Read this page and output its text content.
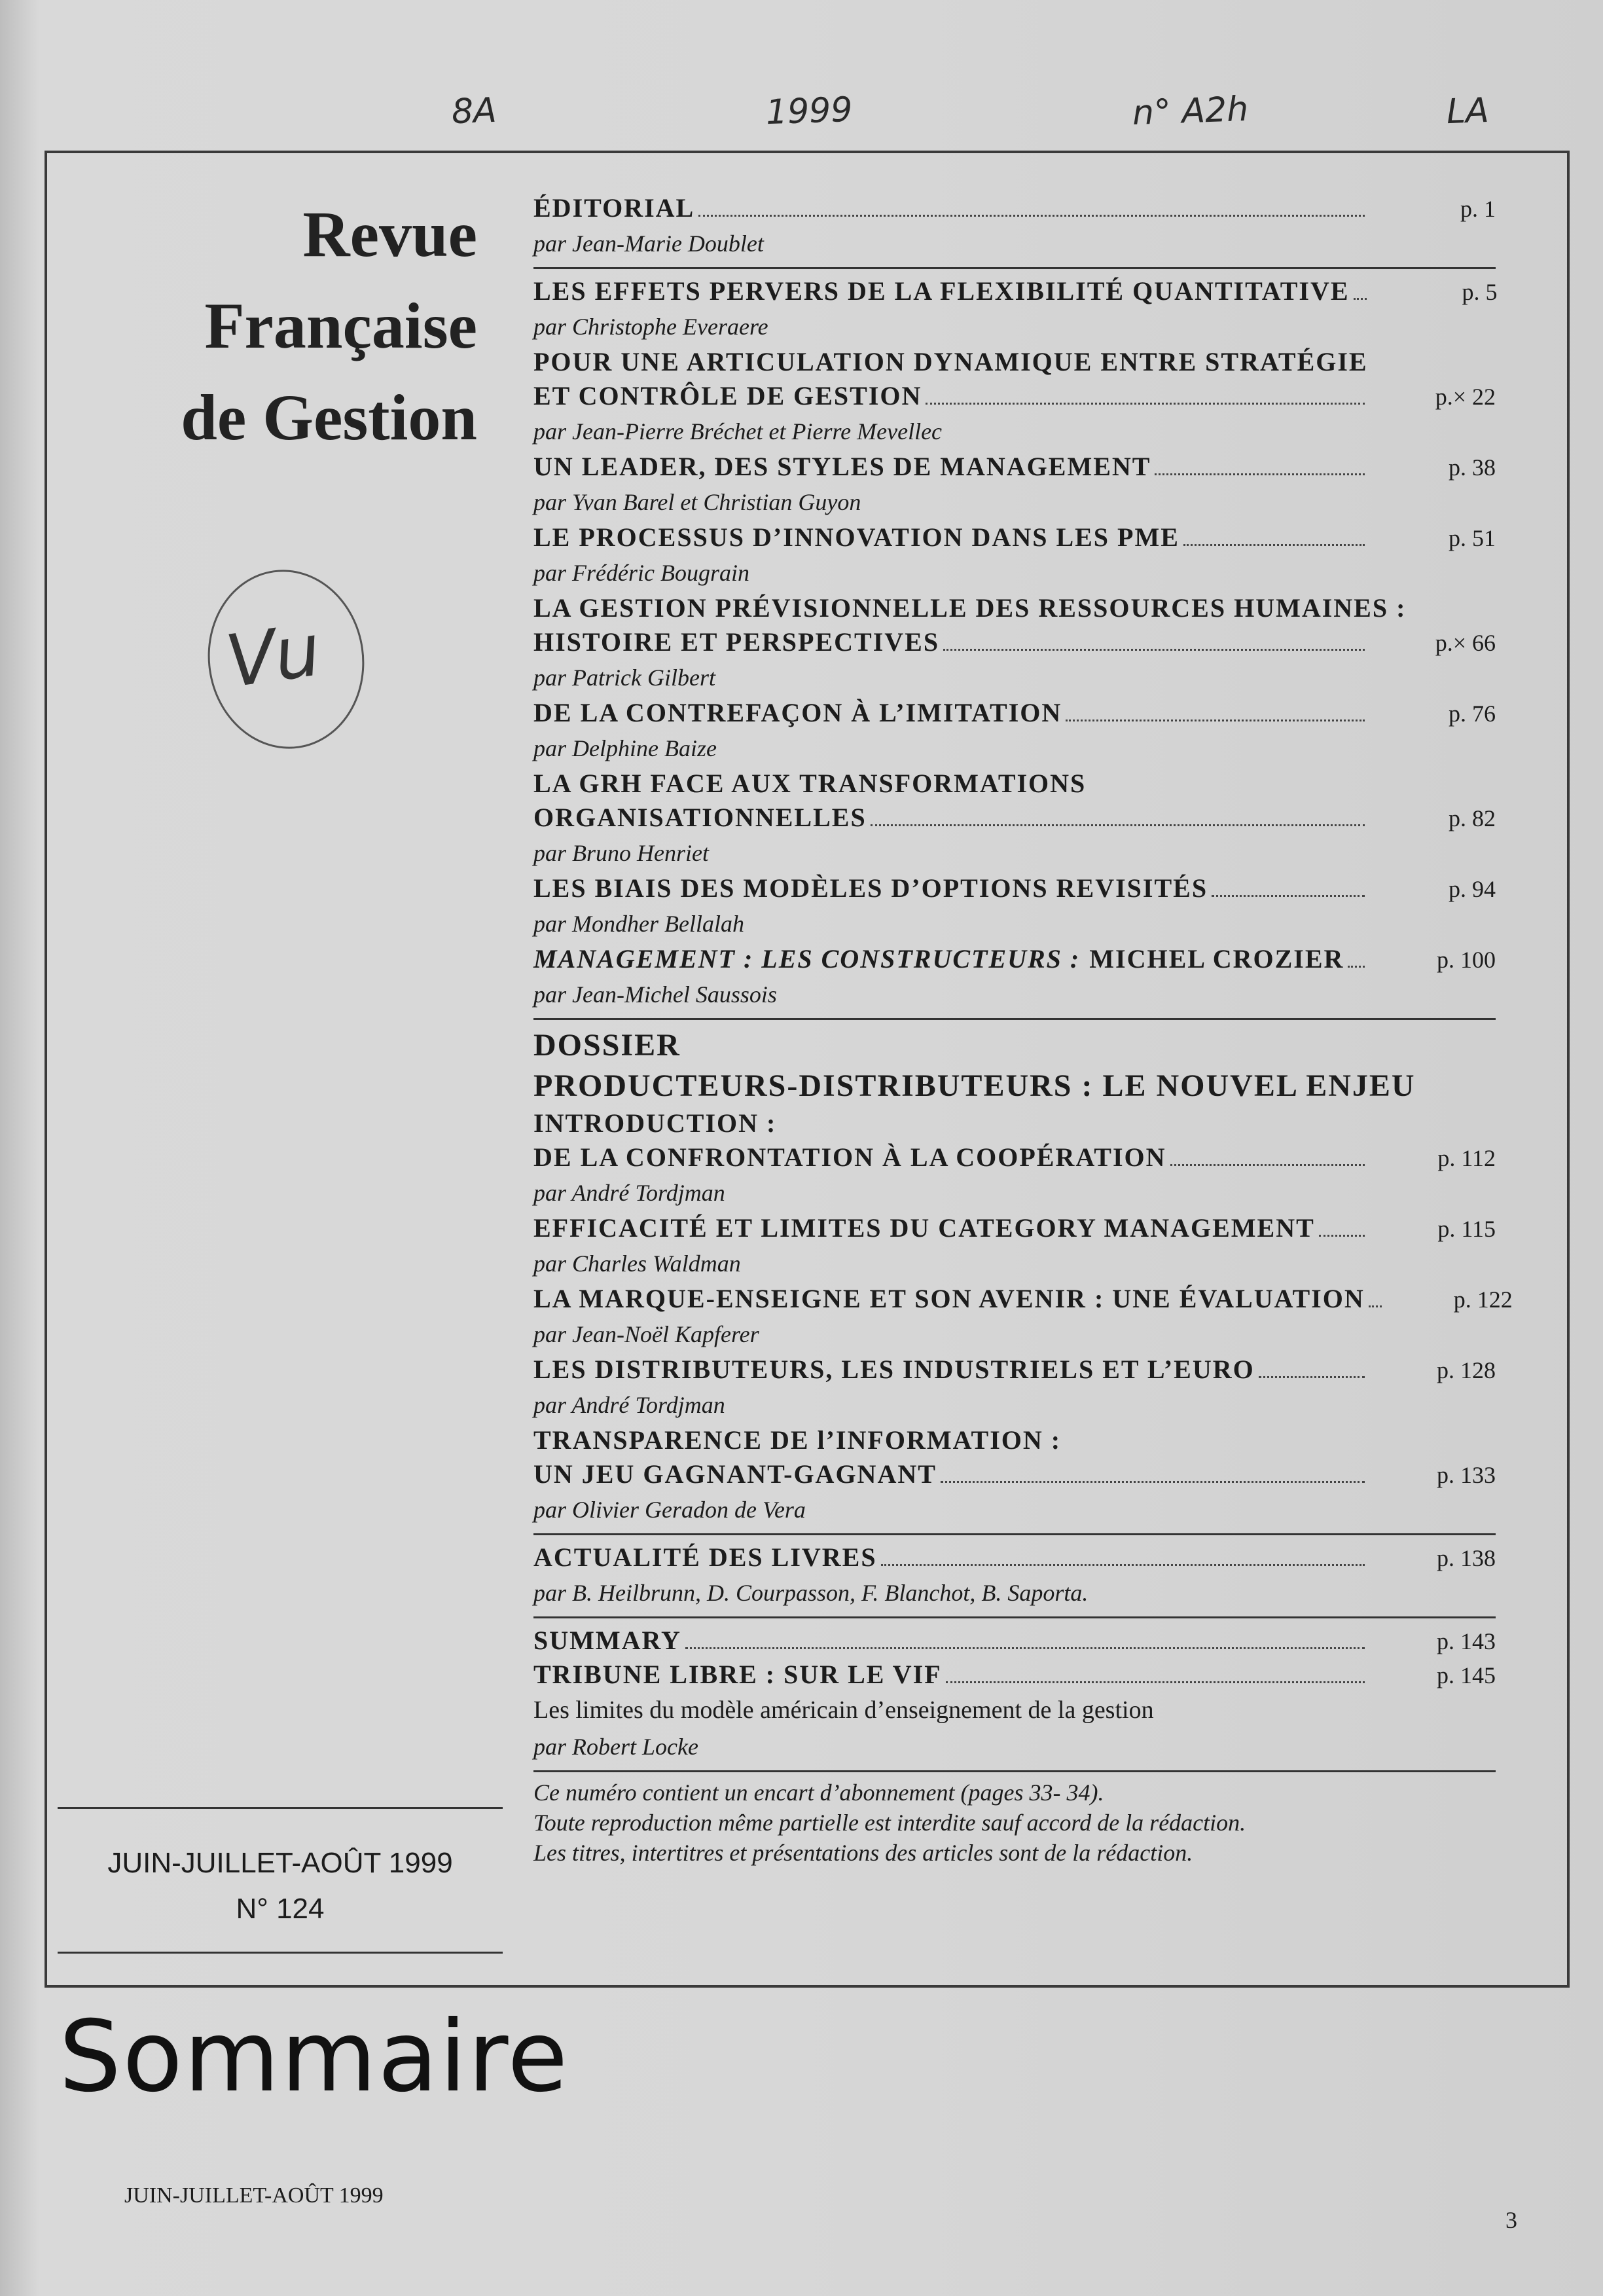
8A	1999	n° A2h	LA
Revue
Française
de Gestion
Vu
JUIN-JUILLET-AOÛT 1999
N° 124
ÉDITORIAL	p. 1
par Jean-Marie Doublet
LES EFFETS PERVERS DE LA FLEXIBILITÉ QUANTITATIVE	p. 5
par Christophe Everaere
POUR UNE ARTICULATION DYNAMIQUE ENTRE STRATÉGIE
ET CONTRÔLE DE GESTION	p.× 22
par Jean-Pierre Bréchet et Pierre Mevellec
UN LEADER, DES STYLES DE MANAGEMENT	p. 38
par Yvan Barel et Christian Guyon
LE PROCESSUS D’INNOVATION DANS LES PME	p. 51
par Frédéric Bougrain
LA GESTION PRÉVISIONNELLE DES RESSOURCES HUMAINES :
HISTOIRE ET PERSPECTIVES	p.× 66
par Patrick Gilbert
DE LA CONTREFAÇON À L’IMITATION	p. 76
par Delphine Baize
LA GRH FACE AUX TRANSFORMATIONS
ORGANISATIONNELLES	p. 82
par Bruno Henriet
LES BIAIS DES MODÈLES D’OPTIONS REVISITÉS	p. 94
par Mondher Bellalah
MANAGEMENT : LES CONSTRUCTEURS : MICHEL CROZIER	p. 100
par Jean-Michel Saussois
DOSSIER
PRODUCTEURS-DISTRIBUTEURS : LE NOUVEL ENJEU
INTRODUCTION :
DE LA CONFRONTATION À LA COOPÉRATION	p. 112
par André Tordjman
EFFICACITÉ ET LIMITES DU CATEGORY MANAGEMENT	p. 115
par Charles Waldman
LA MARQUE-ENSEIGNE ET SON AVENIR : UNE ÉVALUATION	p. 122
par Jean-Noël Kapferer
LES DISTRIBUTEURS, LES INDUSTRIELS ET L’EURO	p. 128
par André Tordjman
TRANSPARENCE DE l’INFORMATION :
UN JEU GAGNANT-GAGNANT	p. 133
par Olivier Geradon de Vera
ACTUALITÉ DES LIVRES	p. 138
par B. Heilbrunn, D. Courpasson, F. Blanchot, B. Saporta.
SUMMARY	p. 143
TRIBUNE LIBRE : SUR LE VIF	p. 145
Les limites du modèle américain d’enseignement de la gestion
par Robert Locke
Ce numéro contient un encart d’abonnement (pages 33- 34).
Toute reproduction même partielle est interdite sauf accord de la rédaction.
Les titres, intertitres et présentations des articles sont de la rédaction.
Sommaire
JUIN-JUILLET-AOÛT 1999
3
